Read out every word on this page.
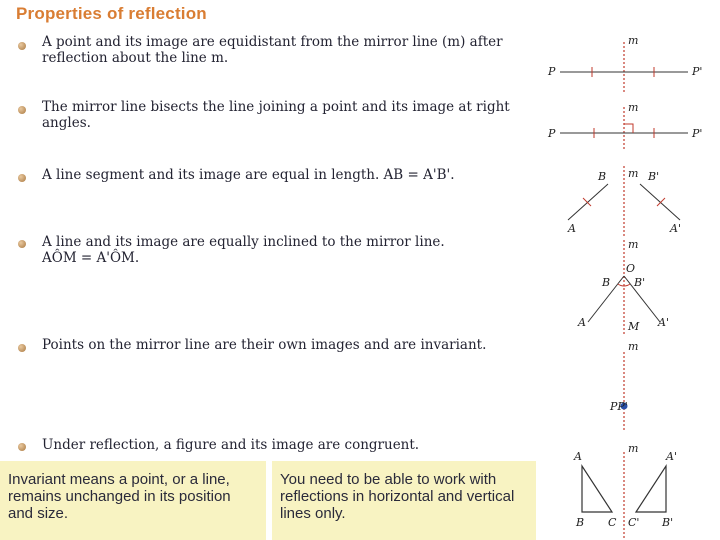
Properties of reflection
A point and its image are equidistant from the mirror line (m) after reflection about the line m.
m
P	P'
The mirror line bisects the line joining a point and its image at right angles.
m
P	P'
A line segment and its image are equal in length. AB = A'B'.	m
B	B'
A	A'
A line and its image are equally inclined to the mirror line. AÔM = A'ÔM.
m
O
B B'
A	A'
M
Points on the mirror line are their own images and are invariant.	m
PP'
Under reflection, a figure and its image are congruent.	m
A	A'
B C C' B'
Invariant means a point, or a line, remains unchanged in its position and size.
You need to be able to work with reflections in horizontal and vertical lines only.
